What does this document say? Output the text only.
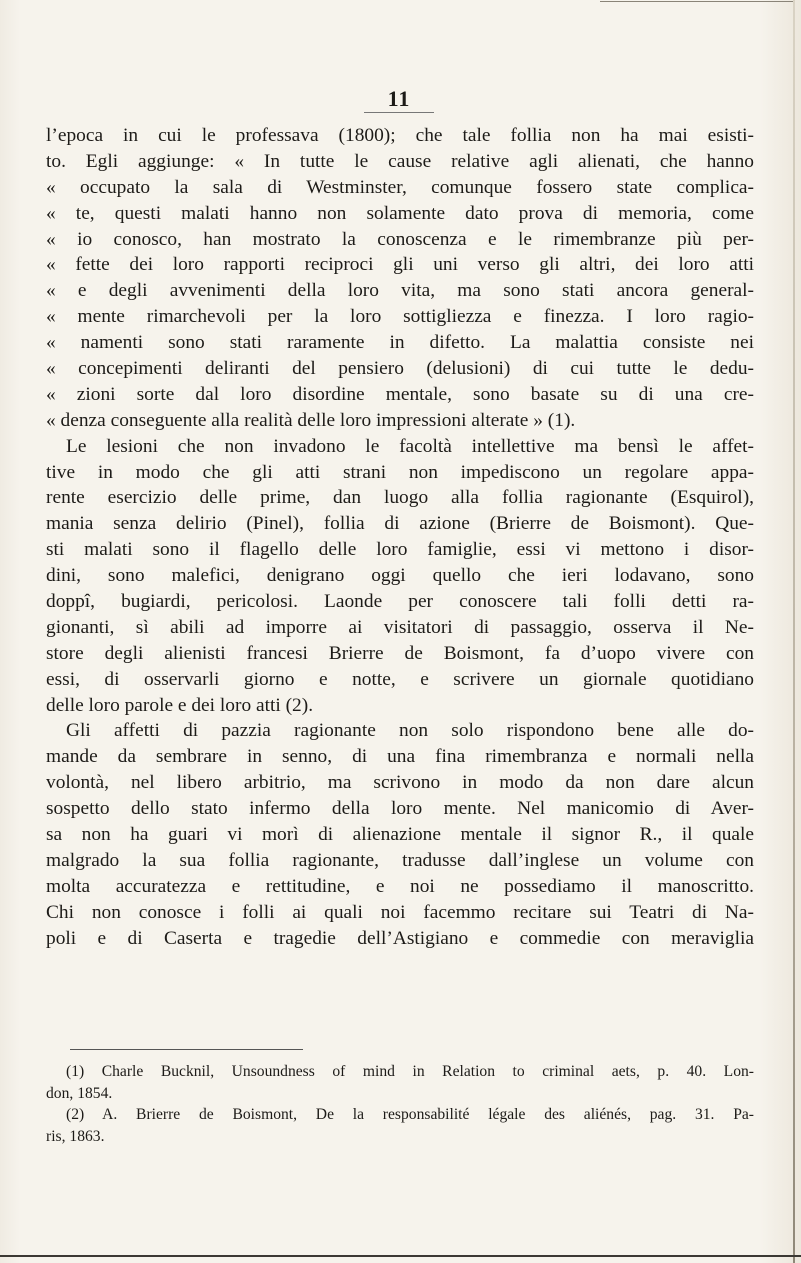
11
l’epoca in cui le professava (1800); che tale follia non ha mai esisti-
to. Egli aggiunge: « In tutte le cause relative agli alienati, che hanno
« occupato la sala di Westminster, comunque fossero state complica-
« te, questi malati hanno non solamente dato prova di memoria, come
« io conosco, han mostrato la conoscenza e le rimembranze più per-
« fette dei loro rapporti reciproci gli uni verso gli altri, dei loro atti
« e degli avvenimenti della loro vita, ma sono stati ancora general-
« mente rimarchevoli per la loro sottigliezza e finezza. I loro ragio-
« namenti sono stati raramente in difetto. La malattia consiste nei
« concepimenti deliranti del pensiero (delusioni) di cui tutte le dedu-
« zioni sorte dal loro disordine mentale, sono basate su di una cre-
« denza conseguente alla realità delle loro impressioni alterate » (1).
Le lesioni che non invadono le facoltà intellettive ma bensì le affet-
tive in modo che gli atti strani non impediscono un regolare appa-
rente esercizio delle prime, dan luogo alla follia ragionante (Esquirol),
mania senza delirio (Pinel), follia di azione (Brierre de Boismont). Que-
sti malati sono il flagello delle loro famiglie, essi vi mettono i disor-
dini, sono malefici, denigrano oggi quello che ieri lodavano, sono
doppî, bugiardi, pericolosi. Laonde per conoscere tali folli detti ra-
gionanti, sì abili ad imporre ai visitatori di passaggio, osserva il Ne-
store degli alienisti francesi Brierre de Boismont, fa d’uopo vivere con
essi, di osservarli giorno e notte, e scrivere un giornale quotidiano
delle loro parole e dei loro atti (2).
Gli affetti di pazzia ragionante non solo rispondono bene alle do-
mande da sembrare in senno, di una fina rimembranza e normali nella
volontà, nel libero arbitrio, ma scrivono in modo da non dare alcun
sospetto dello stato infermo della loro mente. Nel manicomio di Aver-
sa non ha guari vi morì di alienazione mentale il signor R., il quale
malgrado la sua follia ragionante, tradusse dall’inglese un volume con
molta accuratezza e rettitudine, e noi ne possediamo il manoscritto.
Chi non conosce i folli ai quali noi facemmo recitare sui Teatri di Na-
poli e di Caserta e tragedie dell’Astigiano e commedie con meraviglia
(1) Charle Bucknil, Unsoundness of mind in Relation to criminal aets, p. 40. Lon-
don, 1854.
(2) A. Brierre de Boismont, De la responsabilité légale des aliénés, pag. 31. Pa-
ris, 1863.
